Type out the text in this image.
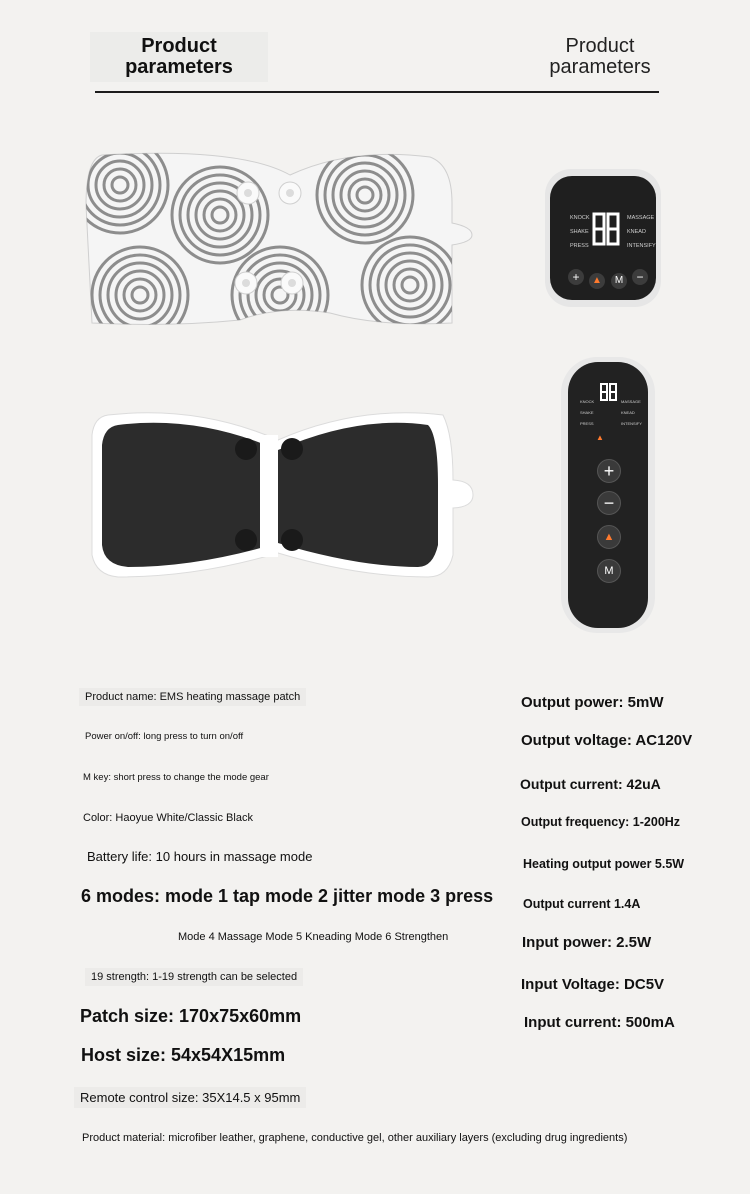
Product parameters
Product parameters
KNOCK
SHAKE
PRESS
MASSAGE
KNEAD
INTENSIFY
+	▲	M	−
KNOCK
SHAKE
PRESS
MASSAGE
KNEAD
INTENSIFY
▲
+
−
▲
M
Product name: EMS heating massage patch
Power on/off: long press to turn on/off
M key: short press to change the mode gear
Color: Haoyue White/Classic Black
Battery life: 10 hours in massage mode
6 modes: mode 1 tap mode 2 jitter mode 3 press
Mode 4 Massage Mode 5 Kneading Mode 6 Strengthen
19 strength: 1-19 strength can be selected
Patch size: 170x75x60mm
Host size: 54x54X15mm
Remote control size: 35X14.5 x 95mm
Product material: microfiber leather, graphene, conductive gel, other auxiliary layers (excluding drug ingredients)
Output power: 5mW
Output voltage: AC120V
Output current: 42uA
Output frequency: 1-200Hz
Heating output power 5.5W
Output current 1.4A
Input power: 2.5W
Input Voltage: DC5V
Input current: 500mA
